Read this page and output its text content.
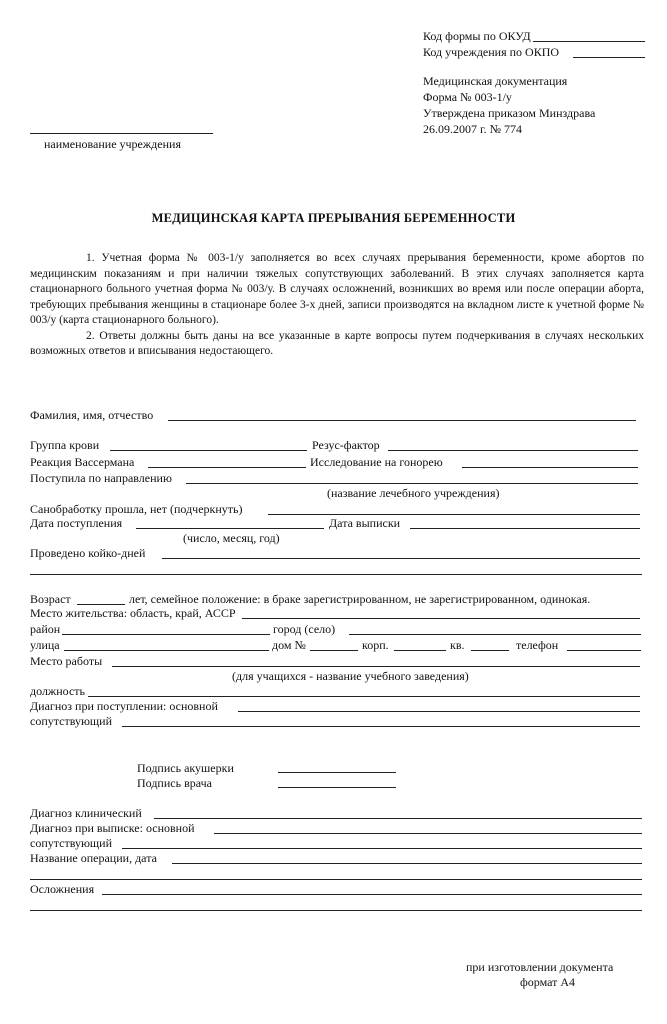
Код формы по ОКУД
Код учреждения по ОКПО
Медицинская документация
Форма № 003-1/у
Утверждена приказом Минздрава
26.09.2007 г. № 774
наименование учреждения
МЕДИЦИНСКАЯ КАРТА ПРЕРЫВАНИЯ БЕРЕМЕННОСТИ

1. Учетная форма № 003-1/у заполняется во всех случаях прерывания беременности, кроме абортов по медицинским показаниям и при наличии тяжелых сопутствующих заболеваний. В этих случаях заполняется карта стационарного больного учетная форма № 003/у. В случаях осложнений, возникших во время или после операции аборта, требующих пребывания женщины в стационаре более 3-х дней, записи производятся на вкладном листе к учетной форме № 003/у (карта стационарного больного).

2. Ответы должны быть даны на все указанные в карте вопросы путем подчеркивания в случаях нескольких возможных ответов и вписывания недостающего.

Фамилия, имя, отчество
Группа крови	Резус-фактор
Реакция Вассермана	Исследование на гонорею
Поступила по направлению
(название лечебного учреждения)
Санобработку прошла, нет (подчеркнуть)
Дата поступления	Дата выписки
(число, месяц, год)
Проведено койко-дней
Возраст	лет, семейное положение: в браке зарегистрированном, не зарегистрированном, одинокая.
Место жительства: область, край, АССР
район	город (село)
улица	дом №	корп.	кв.	телефон
Место работы
(для учащихся - название учебного заведения)
должность
Диагноз при поступлении: основной
сопутствующий
Подпись акушерки
Подпись врача
Диагноз клинический
Диагноз при выписке: основной
сопутствующий
Название операции, дата
Осложнения
при изготовлении документа
формат А4
